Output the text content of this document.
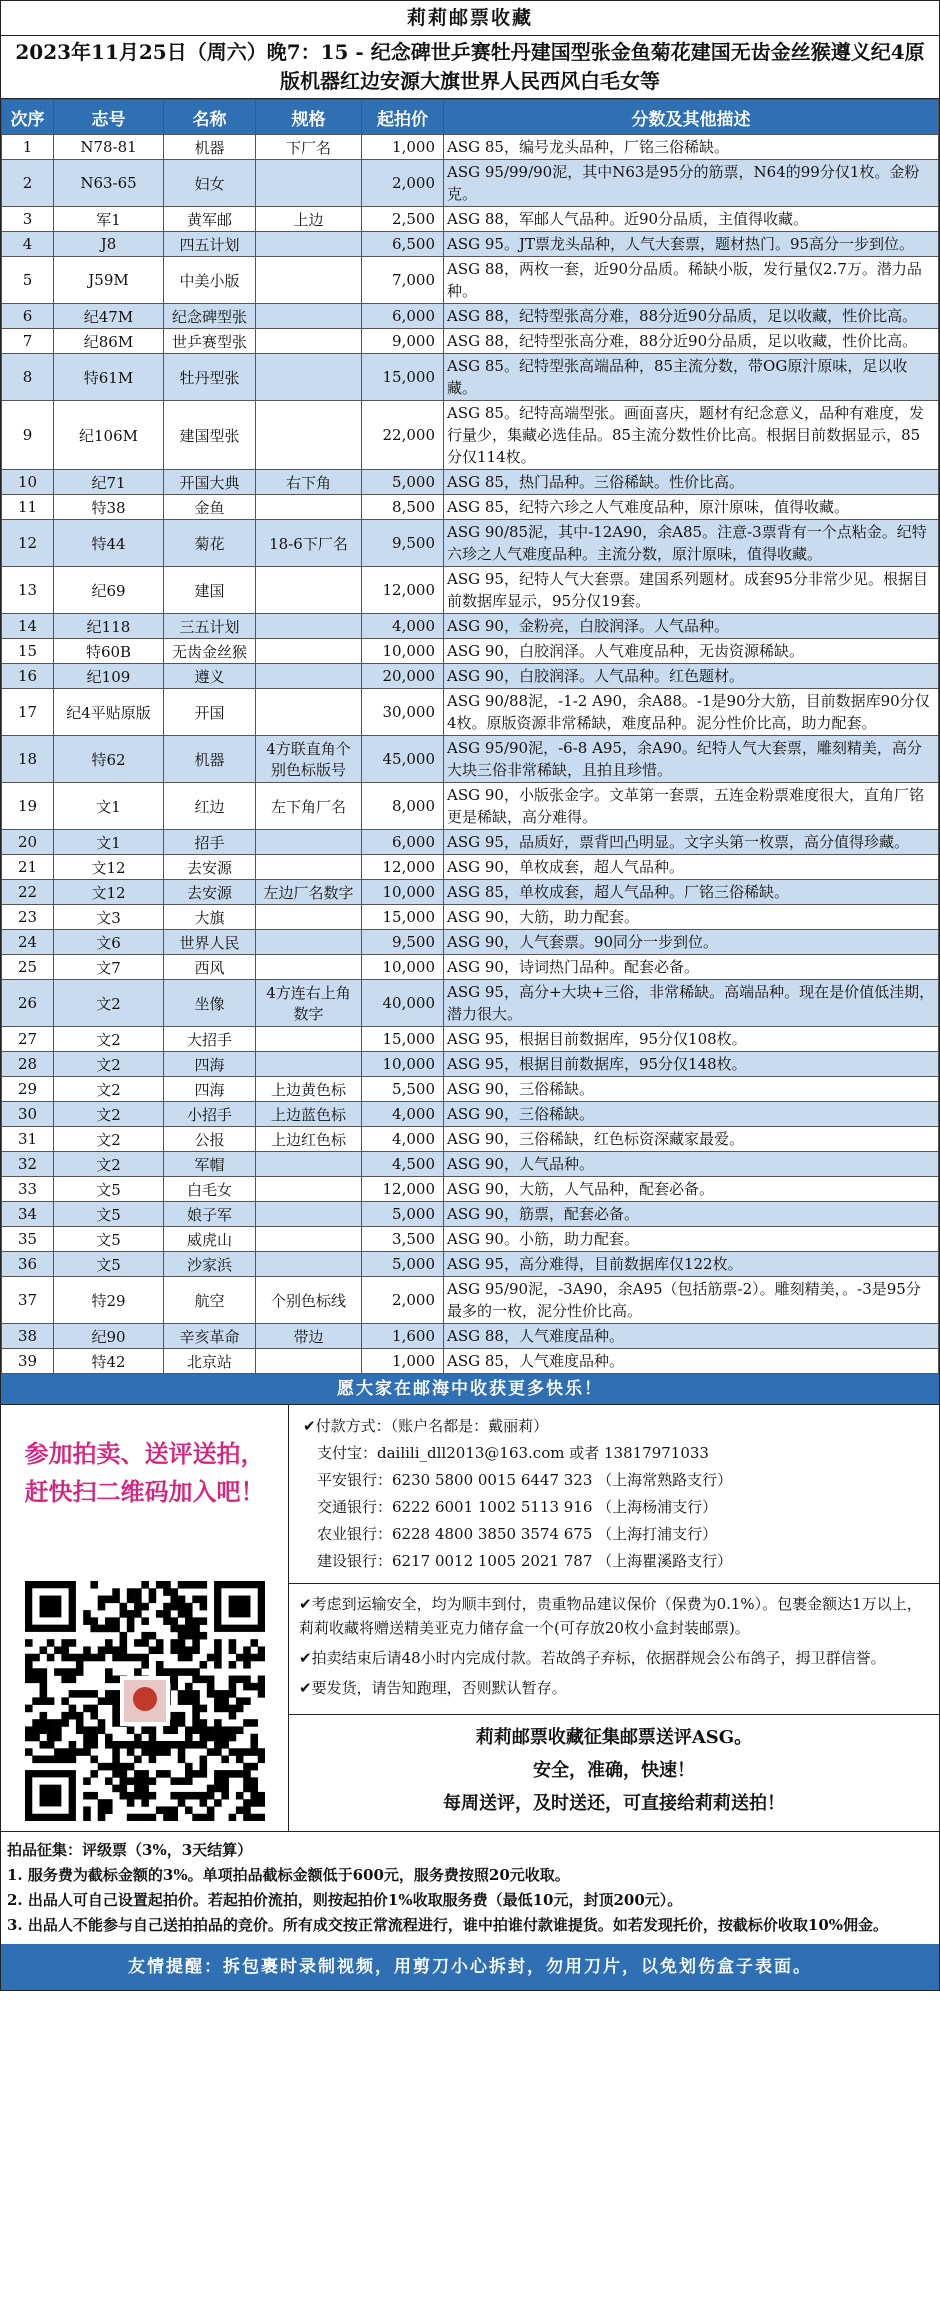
莉莉邮票收藏
2023年11月25日（周六）晚7：15 - 纪念碑世乒赛牡丹建国型张金鱼菊花建国无齿金丝猴遵义纪4原版机器红边安源大旗世界人民西风白毛女等
次序	志号	名称	规格	起拍价	分数及其他描述
1	N78-81	机器	下厂名	1,000	ASG 85，编号龙头品种，厂铭三俗稀缺。
2	N63-65	妇女		2,000	ASG 95/99/90泥，其中N63是95分的筋票，N64的99分仅1枚。金粉克。
3	军1	黄军邮	上边	2,500	ASG 88，军邮人气品种。近90分品质，主值得收藏。
4	J8	四五计划		6,500	ASG 95。JT票龙头品种，人气大套票，题材热门。95高分一步到位。
5	J59M	中美小版		7,000	ASG 88，两枚一套，近90分品质。稀缺小版，发行量仅2.7万。潜力品种。
6	纪47M	纪念碑型张		6,000	ASG 88，纪特型张高分难，88分近90分品质，足以收藏，性价比高。
7	纪86M	世乒赛型张		9,000	ASG 88，纪特型张高分难，88分近90分品质，足以收藏，性价比高。
8	特61M	牡丹型张		15,000	ASG 85。纪特型张高端品种，85主流分数，带OG原汁原味，足以收藏。
9	纪106M	建国型张		22,000	ASG 85。纪特高端型张。画面喜庆，题材有纪念意义，品种有难度，发行量少，集藏必选佳品。85主流分数性价比高。根据目前数据显示，85分仅114枚。
10	纪71	开国大典	右下角	5,000	ASG 85，热门品种。三俗稀缺。性价比高。
11	特38	金鱼		8,500	ASG 85，纪特六珍之人气难度品种，原汁原味，值得收藏。
12	特44	菊花	18-6下厂名	9,500	ASG 90/85泥，其中-12A90，余A85。注意-3票背有一个点粘金。纪特六珍之人气难度品种。主流分数，原汁原味，值得收藏。
13	纪69	建国		12,000	ASG 95，纪特人气大套票。建国系列题材。成套95分非常少见。根据目前数据库显示，95分仅19套。
14	纪118	三五计划		4,000	ASG 90，金粉亮，白胶润泽。人气品种。
15	特60B	无齿金丝猴		10,000	ASG 90，白胶润泽。人气难度品种，无齿资源稀缺。
16	纪109	遵义		20,000	ASG 90，白胶润泽。人气品种。红色题材。
17	纪4平贴原版	开国		30,000	ASG 90/88泥，-1-2 A90，余A88。-1是90分大筋，目前数据库90分仅4枚。原版资源非常稀缺，难度品种。泥分性价比高，助力配套。
18	特62	机器	4方联直角个别色标版号	45,000	ASG 95/90泥，-6-8 A95，余A90。纪特人气大套票，雕刻精美，高分大块三俗非常稀缺，且拍且珍惜。
19	文1	红边	左下角厂名	8,000	ASG 90，小版张金字。文革第一套票，五连金粉票难度很大，直角厂铭更是稀缺，高分难得。
20	文1	招手		6,000	ASG 95，品质好，票背凹凸明显。文字头第一枚票，高分值得珍藏。
21	文12	去安源		12,000	ASG 90，单枚成套，超人气品种。
22	文12	去安源	左边厂名数字	10,000	ASG 85，单枚成套，超人气品种。厂铭三俗稀缺。
23	文3	大旗		15,000	ASG 90，大筋，助力配套。
24	文6	世界人民		9,500	ASG 90，人气套票。90同分一步到位。
25	文7	西风		10,000	ASG 90，诗词热门品种。配套必备。
26	文2	坐像	4方连右上角数字	40,000	ASG 95，高分+大块+三俗，非常稀缺。高端品种。现在是价值低洼期，潜力很大。
27	文2	大招手		15,000	ASG 95，根据目前数据库，95分仅108枚。
28	文2	四海		10,000	ASG 95，根据目前数据库，95分仅148枚。
29	文2	四海	上边黄色标	5,500	ASG 90，三俗稀缺。
30	文2	小招手	上边蓝色标	4,000	ASG 90，三俗稀缺。
31	文2	公报	上边红色标	4,000	ASG 90，三俗稀缺，红色标资深藏家最爱。
32	文2	军帽		4,500	ASG 90，人气品种。
33	文5	白毛女		12,000	ASG 90，大筋，人气品种，配套必备。
34	文5	娘子军		5,000	ASG 90，筋票，配套必备。
35	文5	威虎山		3,500	ASG 90。小筋，助力配套。
36	文5	沙家浜		5,000	ASG 95，高分难得，目前数据库仅122枚。
37	特29	航空	个别色标线	2,000	ASG 95/90泥，-3A90，余A95（包括筋票-2）。雕刻精美，。-3是95分最多的一枚，泥分性价比高。
38	纪90	辛亥革命	带边	1,600	ASG 88，人气难度品种。
39	特42	北京站		1,000	ASG 85，人气难度品种。
愿大家在邮海中收获更多快乐！
参加拍卖、送评送拍，
赶快扫二维码加入吧！
✔付款方式：（账户名都是：戴丽莉）
支付宝：dailili_dll2013@163.com 或者 13817971033
平安银行：6230 5800 0015 6447 323 （上海常熟路支行）
交通银行：6222 6001 1002 5113 916 （上海杨浦支行）
农业银行：6228 4800 3850 3574 675 （上海打浦支行）
建设银行：6217 0012 1005 2021 787 （上海瞿溪路支行）

✔考虑到运输安全，均为顺丰到付，贵重物品建议保价（保费为0.1%）。包裹金额达1万以上，莉莉收藏将赠送精美亚克力储存盒一个(可存放20枚小盒封装邮票)。

✔拍卖结束后请48小时内完成付款。若故鸽子弃标，依据群规会公布鸽子，拇卫群信誉。

✔要发货，请告知跑理，否则默认暂存。

莉莉邮票收藏征集邮票送评ASG。
安全，准确，快速！
每周送评，及时送还，可直接给莉莉送拍！
拍品征集：评级票（3%，3天结算）
1. 服务费为截标金额的3%。单项拍品截标金额低于600元，服务费按照20元收取。
2. 出品人可自己设置起拍价。若起拍价流拍，则按起拍价1%收取服务费（最低10元，封顶200元）。
3. 出品人不能参与自己送拍拍品的竞价。所有成交按正常流程进行，谁中拍谁付款谁提货。如若发现托价，按截标价收取10%佣金。
友情提醒：拆包裹时录制视频，用剪刀小心拆封，勿用刀片，以免划伤盒子表面。
